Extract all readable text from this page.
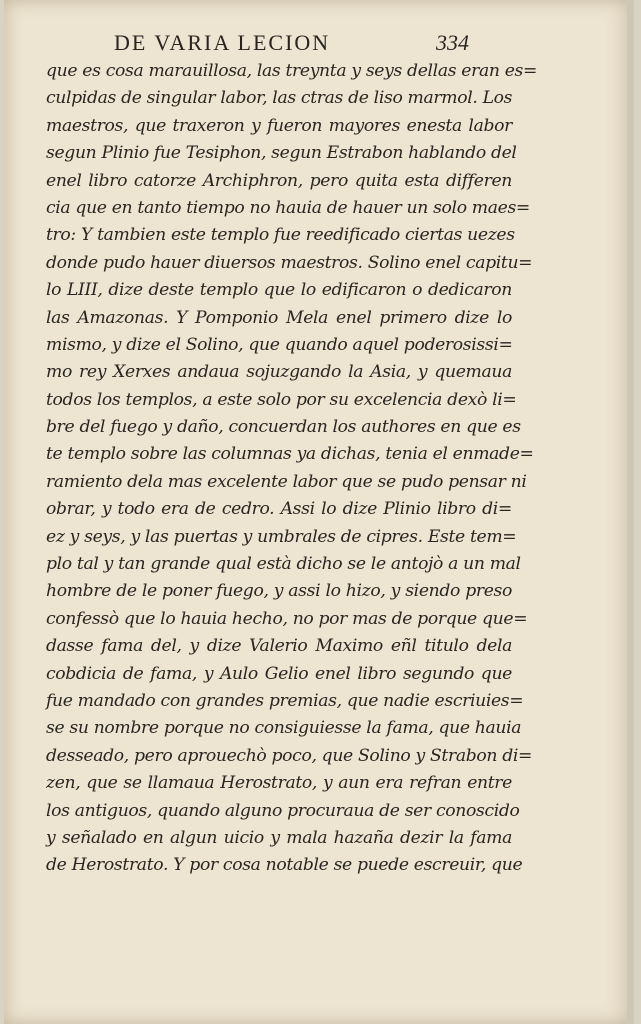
DE VARIA LECION	334
que es cosa marauillosa, las treynta y seys dellas eran es=
culpidas de singular labor, las ctras de liso marmol. Los
maestros, que traxeron y fueron mayores enesta labor
segun Plinio fue Tesiphon, segun Estrabon hablando del
enel libro catorze Archiphron, pero quita esta differen
cia que en tanto tiempo no hauia de hauer un solo maes=
tro: Y tambien este templo fue reedificado ciertas uezes
donde pudo hauer diuersos maestros. Solino enel capitu=
lo LIII, dize deste templo que lo edificaron o dedicaron
las Amazonas. Y Pomponio Mela enel primero dize lo
mismo, y dize el Solino, que quando aquel poderosissi=
mo rey Xerxes andaua sojuzgando la Asia, y quemaua
todos los templos, a este solo por su excelencia dexò li=
bre del fuego y daño, concuerdan los authores en que es
te templo sobre las columnas ya dichas, tenia el enmade=
ramiento dela mas excelente labor que se pudo pensar ni
obrar, y todo era de cedro. Assi lo dize Plinio libro di=
ez y seys, y las puertas y umbrales de cipres. Este tem=
plo tal y tan grande qual està dicho se le antojò a un mal
hombre de le poner fuego, y assi lo hizo, y siendo preso
confessò que lo hauia hecho, no por mas de porque que=
dasse fama del, y dize Valerio Maximo eñl titulo dela
cobdicia de fama, y Aulo Gelio enel libro segundo que
fue mandado con grandes premias, que nadie escriuies=
se su nombre porque no consiguiesse la fama, que hauia
desseado, pero aprouechò poco, que Solino y Strabon di=
zen, que se llamaua Herostrato, y aun era refran entre
los antiguos, quando alguno procuraua de ser conoscido
y señalado en algun uicio y mala hazaña dezir la fama
de Herostrato. Y por cosa notable se puede escreuir, que
